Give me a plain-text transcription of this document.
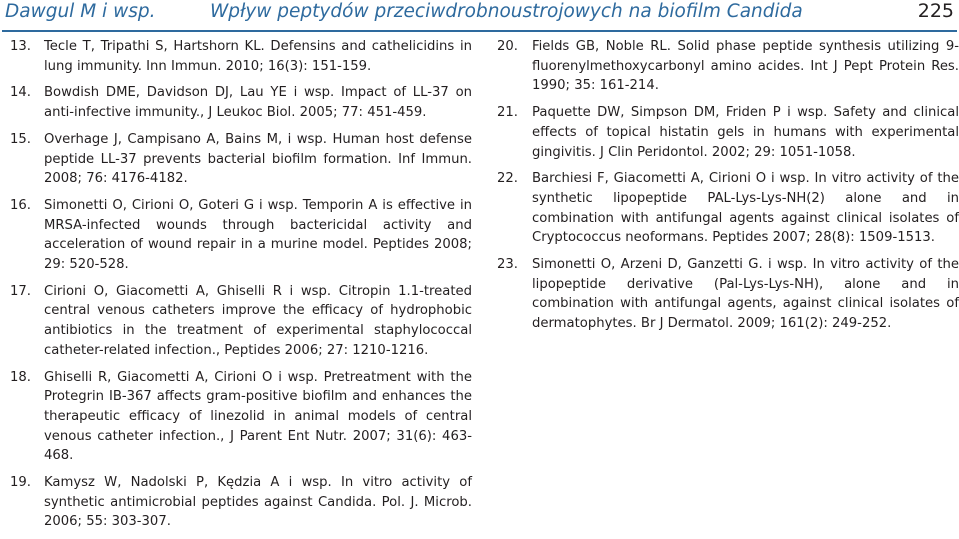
Dawgul M i wsp.	Wpływ peptydów przeciwdrobnoustrojowych na biofilm Candida	225
13. Tecle T, Tripathi S, Hartshorn KL. Defensins and cathelicidins in lung immunity. Inn Immun. 2010; 16(3): 151-159.
14. Bowdish DME, Davidson DJ, Lau YE i wsp. Impact of LL-37 on anti-infective immunity., J Leukoc Biol. 2005; 77: 451-459.
15. Overhage J, Campisano A, Bains M, i wsp. Human host defense peptide LL-37 prevents bacterial biofilm formation. Inf Immun. 2008; 76: 4176-4182.
16. Simonetti O, Cirioni O, Goteri G i wsp. Temporin A is effective in MRSA-infected wounds through bactericidal activity and acceleration of wound repair in a murine model. Peptides 2008; 29: 520-528.
17. Cirioni O, Giacometti A, Ghiselli R i wsp. Citropin 1.1-treated central venous catheters improve the efficacy of hydrophobic antibiotics in the treatment of experimental staphylococcal catheter-related infection., Peptides 2006; 27: 1210-1216.
18. Ghiselli R, Giacometti A, Cirioni O i wsp. Pretreatment with the Protegrin IB-367 affects gram-positive biofilm and enhances the therapeutic efficacy of linezolid in animal models of central venous catheter infection., J Parent Ent Nutr. 2007; 31(6): 463-468.
19. Kamysz W, Nadolski P, Kędzia A i wsp. In vitro activity of synthetic antimicrobial peptides against Candida. Pol. J. Microb. 2006; 55: 303-307.
20.	Fields GB, Noble RL. Solid phase peptide synthesis utilizing 9-fluorenylmethoxycarbonyl amino acides. Int J Pept Protein Res. 1990; 35: 161-214.
21.	Paquette DW, Simpson DM, Friden P i wsp. Safety and clinical effects of topical histatin gels in humans with experimental gingivitis. J Clin Peridontol. 2002; 29: 1051-1058.
22.	Barchiesi F, Giacometti A, Cirioni O i wsp. In vitro activity of the synthetic lipopeptide PAL-Lys-Lys-NH(2) alone and in combination with antifungal agents against clinical isolates of Cryptococcus neoformans. Peptides 2007; 28(8): 1509-1513.
23.	Simonetti O, Arzeni D, Ganzetti G. i wsp. In vitro activity of the lipopeptide derivative (Pal-Lys-Lys-NH), alone and in combination with antifungal agents, against clinical isolates of dermatophytes. Br J Dermatol. 2009; 161(2): 249-252.
